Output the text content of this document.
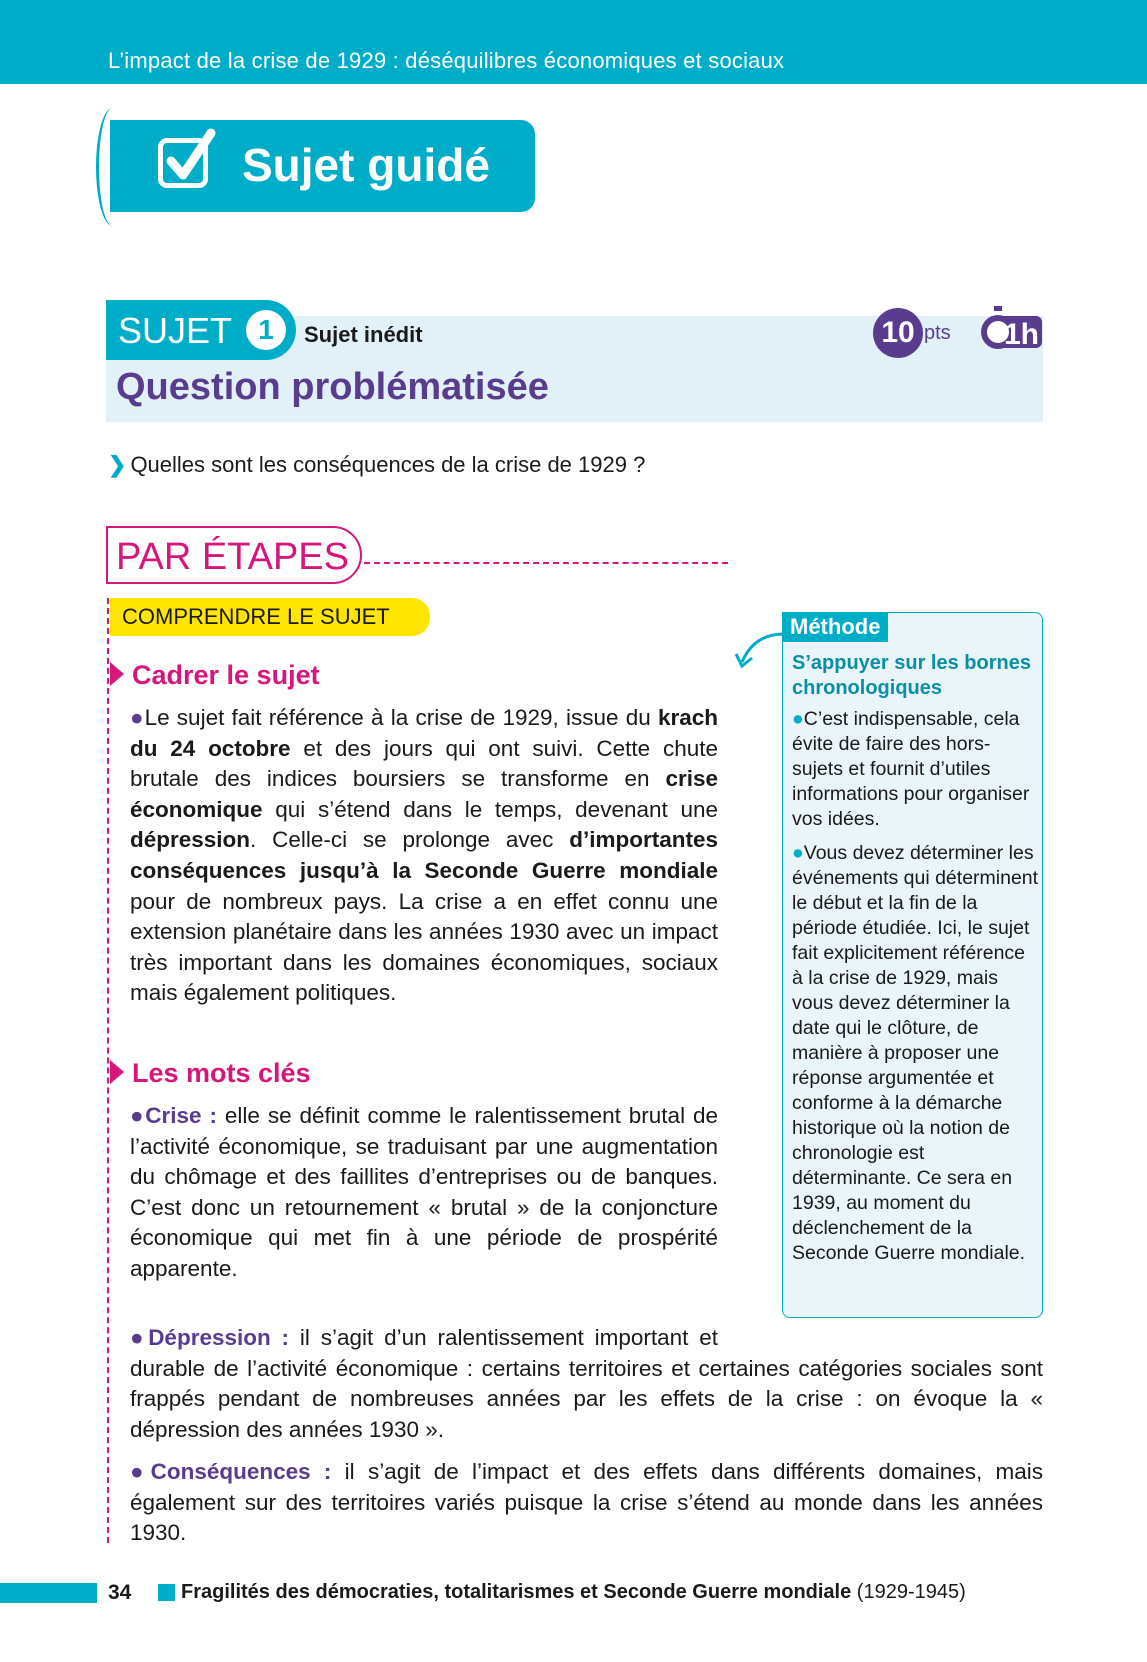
L’impact de la crise de 1929 : déséquilibres économiques et sociaux
Sujet guidé
SUJET 1	Sujet inédit
Question problématisée
10 pts 1h
❯ Quelles sont les conséquences de la crise de 1929 ?
PAR ÉTAPES
COMPRENDRE LE SUJET
Cadrer le sujet
●Le sujet fait référence à la crise de 1929, issue du krach du 24 octobre et des jours qui ont suivi. Cette chute brutale des indices boursiers se transforme en crise économique qui s’étend dans le temps, devenant une dépression. Celle-ci se prolonge avec d’importantes conséquences jusqu’à la Seconde Guerre mondiale pour de nombreux pays. La crise a en effet connu une extension planétaire dans les années 1930 avec un impact très important dans les domaines économiques, sociaux mais également politiques.
Les mots clés
●Crise : elle se définit comme le ralentissement brutal de l’activité économique, se traduisant par une augmentation du chômage et des faillites d’entreprises ou de banques. C’est donc un retournement « brutal » de la conjoncture économique qui met fin à une période de prospérité apparente.
●Dépression : il s’agit d’un ralentissement important et durable de l’activité économique : certains territoires et certaines catégories sociales sont frappés pendant de nombreuses années par les effets de la crise : on évoque la « dépression des années 1930 ».
●Conséquences : il s’agit de l’impact et des effets dans différents domaines, mais également sur des territoires variés puisque la crise s’étend au monde dans les années 1930.
Méthode
S’appuyer sur les bornes chronologiques
●C’est indispensable, cela évite de faire des hors-sujets et fournit d’utiles informations pour organiser vos idées.
●Vous devez déterminer les événements qui déterminent le début et la fin de la période étudiée. Ici, le sujet fait explicitement référence à la crise de 1929, mais vous devez déterminer la date qui le clôture, de manière à proposer une réponse argumentée et conforme à la démarche historique où la notion de chronologie est déterminante. Ce sera en 1939, au moment du déclenchement de la Seconde Guerre mondiale.
34 Fragilités des démocraties, totalitarismes et Seconde Guerre mondiale (1929-1945)
